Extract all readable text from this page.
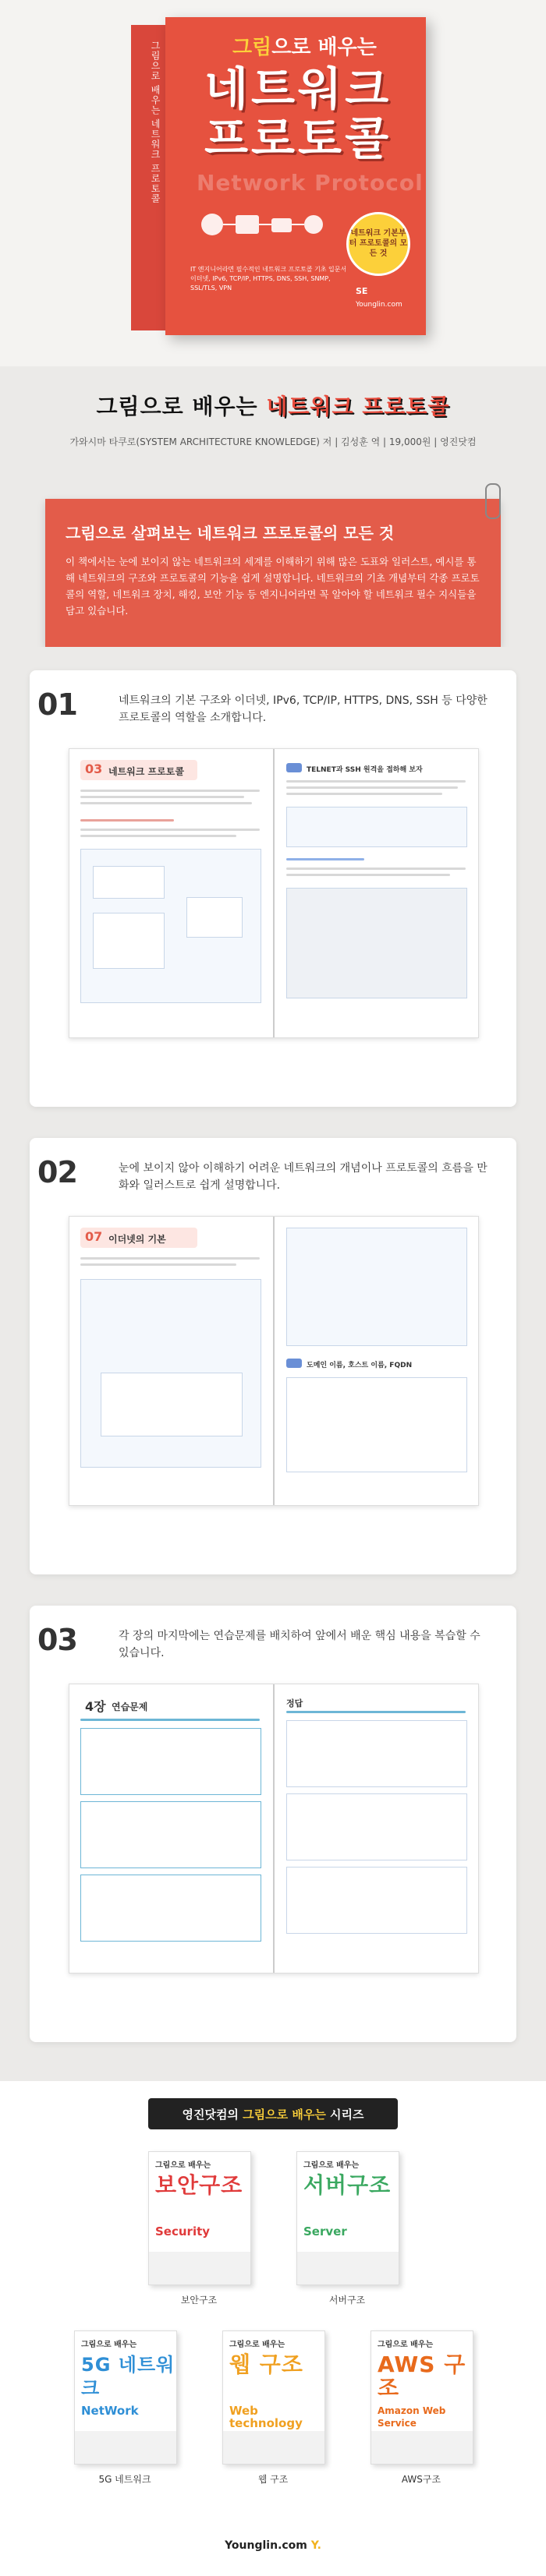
그림으로 배우는 네트워크 프로토콜	그림으로 배우는
네트워크
프로토콜
Network Protocol
네트워크 기본부터 프로토콜의 모든 것
IT 엔지니어라면 필수적인 네트워크 프로토콜 기초 입문서 이더넷, IPv6, TCP/IP, HTTPS, DNS, SSH, SNMP, SSL/TLS, VPN	SE
Younglin.com
그림으로 배우는 네트워크 프로토콜
가와시마 타쿠로(SYSTEM ARCHITECTURE KNOWLEDGE) 저 | 김성훈 역 | 19,000원 | 영진닷컴
그림으로 살펴보는 네트워크 프로토콜의 모든 것
이 책에서는 눈에 보이지 않는 네트워크의 세계를 이해하기 위해 많은 도표와 일러스트, 예시를 통해 네트워크의 구조와 프로토콜의 기능을 쉽게 설명합니다. 네트워크의 기초 개념부터 각종 프로토콜의 역할, 네트워크 장치, 해킹, 보안 기능 등 엔지니어라면 꼭 알아야 할 네트워크 필수 지식들을 담고 있습니다.
01	네트워크의 기본 구조와 이더넷, IPv6, TCP/IP, HTTPS, DNS, SSH 등 다양한 프로토콜의 역할을 소개합니다.
03 네트워크 프로토콜	TELNET과 SSH 원격을 접하해 보자
02	눈에 보이지 않아 이해하기 어려운 네트워크의 개념이나 프로토콜의 흐름을 만화와 일러스트로 쉽게 설명합니다.
07 이더넷의 기본
도메인 이름, 호스트 이름, FQDN
03	각 장의 마지막에는 연습문제를 배치하여 앞에서 배운 핵심 내용을 복습할 수 있습니다.
4장 연습문제	정답
영진닷컴의 그림으로 배우는 시리즈
그림으로 배우는
보안구조
Security
보안구조
그림으로 배우는
서버구조
Server
서버구조
그림으로 배우는
5G 네트워크
NetWork
5G 네트워크
그림으로 배우는
웹 구조
Web technology
웹 구조
그림으로 배우는
AWS 구조
Amazon Web Service
AWS구조
Younglin.com Y.
